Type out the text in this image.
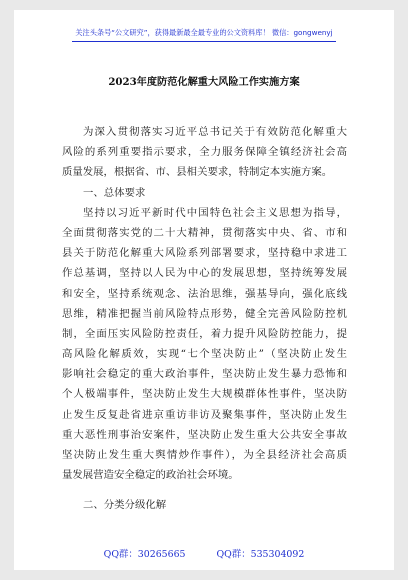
关注头条号“公文研究”，获得最新最全最专业的公文资料库！ 微信：gongwenyj
2023年度防范化解重大风险工作实施方案
为深入贯彻落实习近平总书记关于有效防范化解重大
风险的系列重要指示要求，全力服务保障全镇经济社会高
质量发展，根据省、市、县相关要求，特制定本实施方案。
一、总体要求
坚持以习近平新时代中国特色社会主义思想为指导，
全面贯彻落实党的二十大精神，贯彻落实中央、省、市和
县关于防范化解重大风险系列部署要求，坚持稳中求进工
作总基调，坚持以人民为中心的发展思想，坚持统筹发展
和安全，坚持系统观念、法治思维，强基导向，强化底线
思维，精准把握当前风险特点形势，健全完善风险防控机
制，全面压实风险防控责任，着力提升风险防控能力，提
高风险化解质效，实现“七个坚决防止”（坚决防止发生
影响社会稳定的重大政治事件，坚决防止发生暴力恐怖和
个人极端事件，坚决防止发生大规模群体性事件，坚决防
止发生反复赴省进京重访非访及聚集事件，坚决防止发生
重大恶性刑事治安案件，坚决防止发生重大公共安全事故
坚决防止发生重大舆情炒作事件），为全县经济社会高质
量发展营造安全稳定的政治社会环境。
二、分类分级化解
QQ群：30265665	QQ群：535304092
